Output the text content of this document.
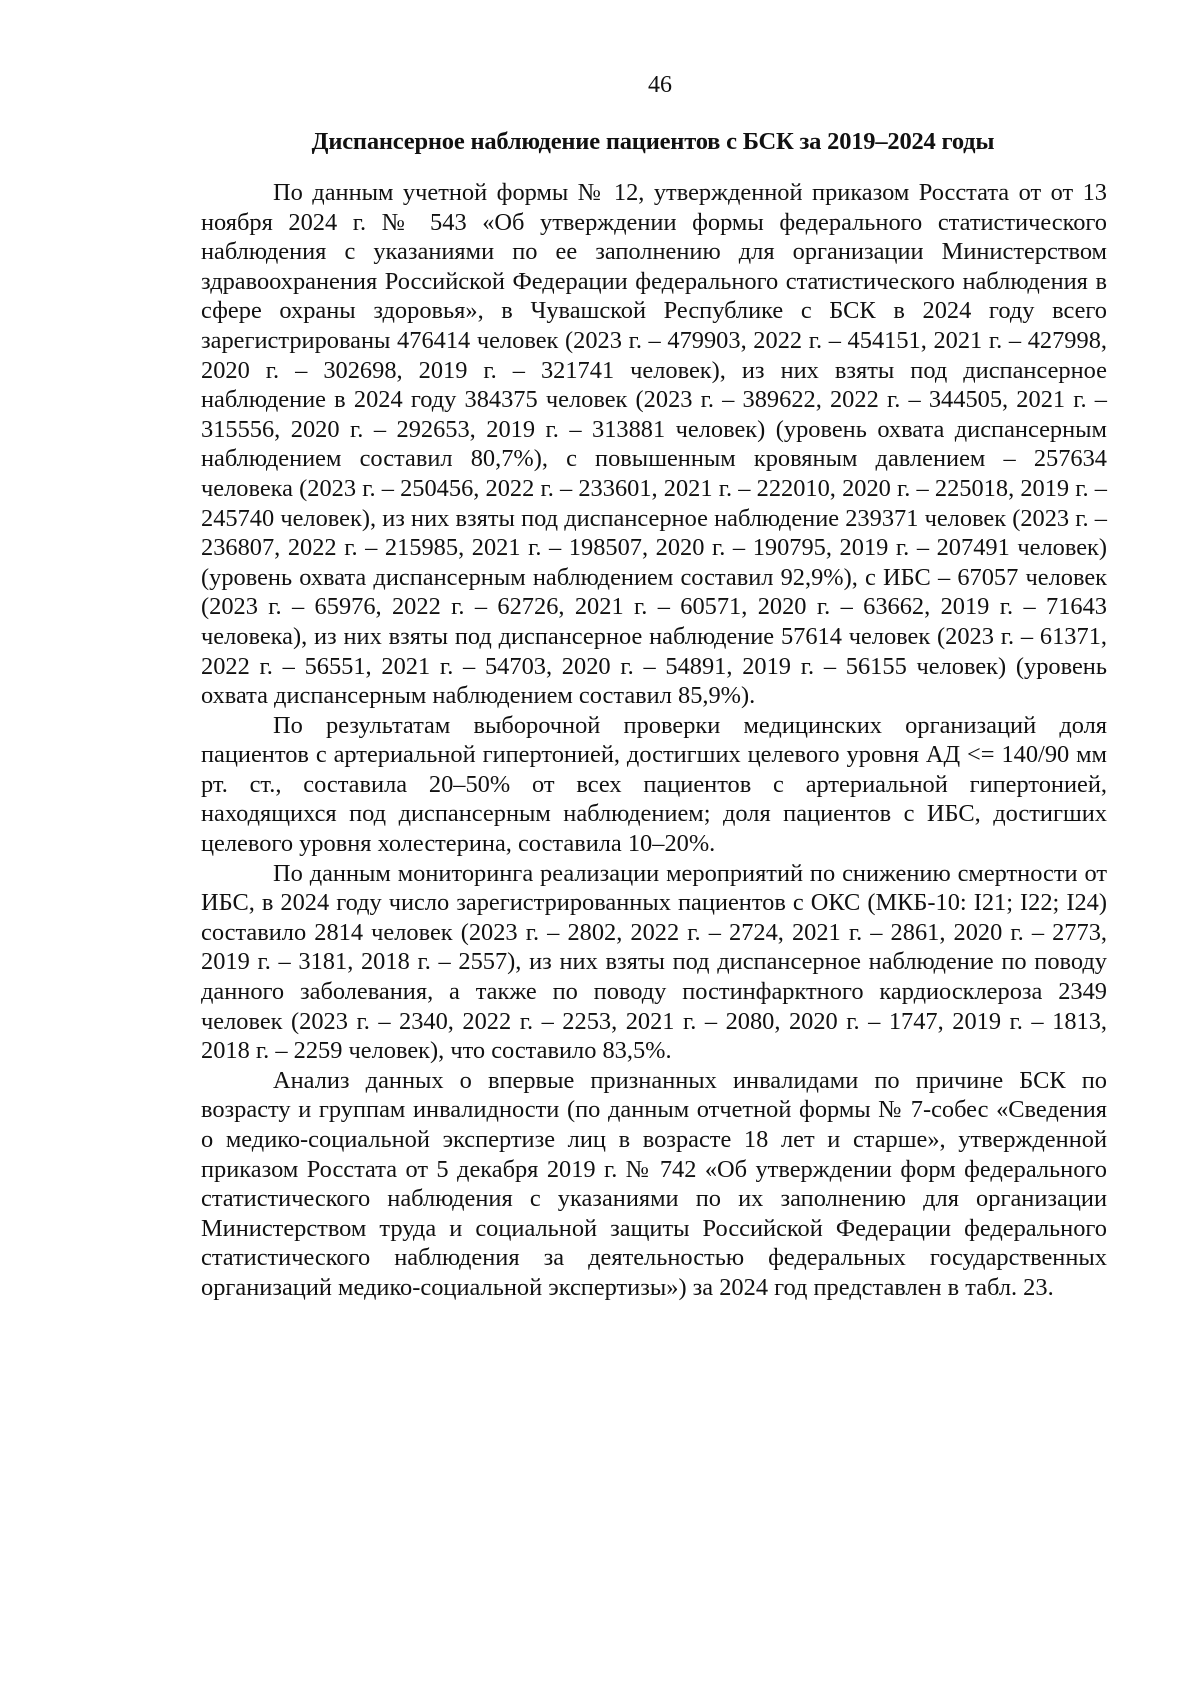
46
Диспансерное наблюдение пациентов с БСК за 2019–2024 годы

По данным учетной формы № 12, утвержденной приказом Росстата от от 13 ноября 2024 г. № 543 «Об утверждении формы федерального статистического наблюдения с указаниями по ее заполнению для организации Министерством здравоохранения Российской Федерации федерального статистического наблюдения в сфере охраны здоровья», в Чувашской Республике с БСК в 2024 году всего зарегистрированы 476414 человек (2023 г. – 479903, 2022 г. – 454151, 2021 г. – 427998, 2020 г. – 302698, 2019 г. – 321741 человек), из них взяты под диспансерное наблюдение в 2024 году 384375 человек (2023 г. – 389622, 2022 г. – 344505, 2021 г. – 315556, 2020 г. – 292653, 2019 г. – 313881 человек) (уровень охвата диспансерным наблюдением составил 80,7%), с повышенным кровяным давлением – 257634 человека (2023 г. – 250456, 2022 г. – 233601, 2021 г. – 222010, 2020 г. – 225018, 2019 г. – 245740 человек), из них взяты под диспансерное наблюдение 239371 человек (2023 г. – 236807, 2022 г. – 215985, 2021 г. – 198507, 2020 г. – 190795, 2019 г. – 207491 человек) (уровень охвата диспансерным наблюдением составил 92,9%), с ИБС – 67057 человек (2023 г. – 65976, 2022 г. – 62726, 2021 г. – 60571, 2020 г. – 63662, 2019 г. – 71643 человека), из них взяты под диспансерное наблюдение 57614 человек (2023 г. – 61371, 2022 г. – 56551, 2021 г. – 54703, 2020 г. – 54891, 2019 г. – 56155 человек) (уровень охвата диспансерным наблюдением составил 85,9%).

По результатам выборочной проверки медицинских организаций доля пациентов с артериальной гипертонией, достигших целевого уровня АД <= 140/90 мм рт. ст., составила 20–50% от всех пациентов с артериальной гипертонией, находящихся под диспансерным наблюдением; доля пациентов с ИБС, достигших целевого уровня холестерина, составила 10–20%.

По данным мониторинга реализации мероприятий по снижению смертности от ИБС, в 2024 году число зарегистрированных пациентов с ОКС (МКБ-10: I21; I22; I24) составило 2814 человек (2023 г. – 2802, 2022 г. – 2724, 2021 г. – 2861, 2020 г. – 2773, 2019 г. – 3181, 2018 г. – 2557), из них взяты под диспансерное наблюдение по поводу данного заболевания, а также по поводу постинфарктного кардиосклероза 2349 человек (2023 г. – 2340, 2022 г. – 2253, 2021 г. – 2080, 2020 г. – 1747, 2019 г. – 1813, 2018 г. – 2259 человек), что составило 83,5%.

Анализ данных о впервые признанных инвалидами по причине БСК по возрасту и группам инвалидности (по данным отчетной формы № 7-собес «Сведения о медико-социальной экспертизе лиц в возрасте 18 лет и старше», утвержденной приказом Росстата от 5 декабря 2019 г. № 742 «Об утверждении форм федерального статистического наблюдения с указаниями по их заполнению для организации Министерством труда и социальной защиты Российской Федерации федерального статистического наблюдения за деятельностью федеральных государственных организаций медико-социальной экспертизы») за 2024 год представлен в табл. 23.
